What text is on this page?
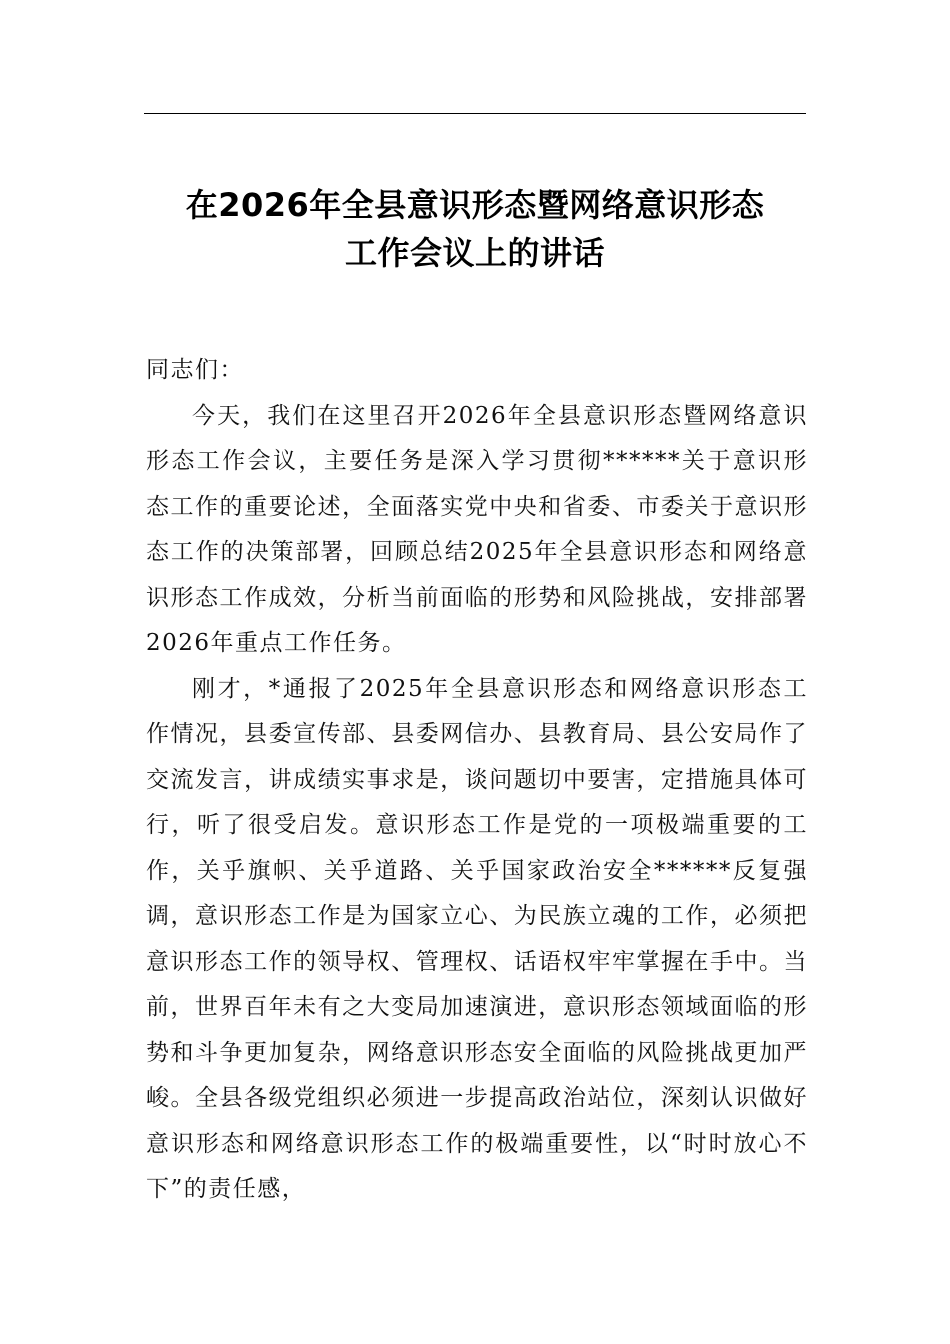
在2026年全县意识形态暨网络意识形态
工作会议上的讲话

同志们：

今天，我们在这里召开2026年全县意识形态暨网络意识形态工作会议，主要任务是深入学习贯彻******关于意识形态工作的重要论述，全面落实党中央和省委、市委关于意识形态工作的决策部署，回顾总结2025年全县意识形态和网络意识形态工作成效，分析当前面临的形势和风险挑战，安排部署2026年重点工作任务。

刚才，*通报了2025年全县意识形态和网络意识形态工作情况，县委宣传部、县委网信办、县教育局、县公安局作了交流发言，讲成绩实事求是，谈问题切中要害，定措施具体可行，听了很受启发。意识形态工作是党的一项极端重要的工作，关乎旗帜、关乎道路、关乎国家政治安全******反复强调，意识形态工作是为国家立心、为民族立魂的工作，必须把意识形态工作的领导权、管理权、话语权牢牢掌握在手中。当前，世界百年未有之大变局加速演进，意识形态领域面临的形势和斗争更加复杂，网络意识形态安全面临的风险挑战更加严峻。全县各级党组织必须进一步提高政治站位，深刻认识做好意识形态和网络意识形态工作的极端重要性，以“时时放心不下”的责任感，
